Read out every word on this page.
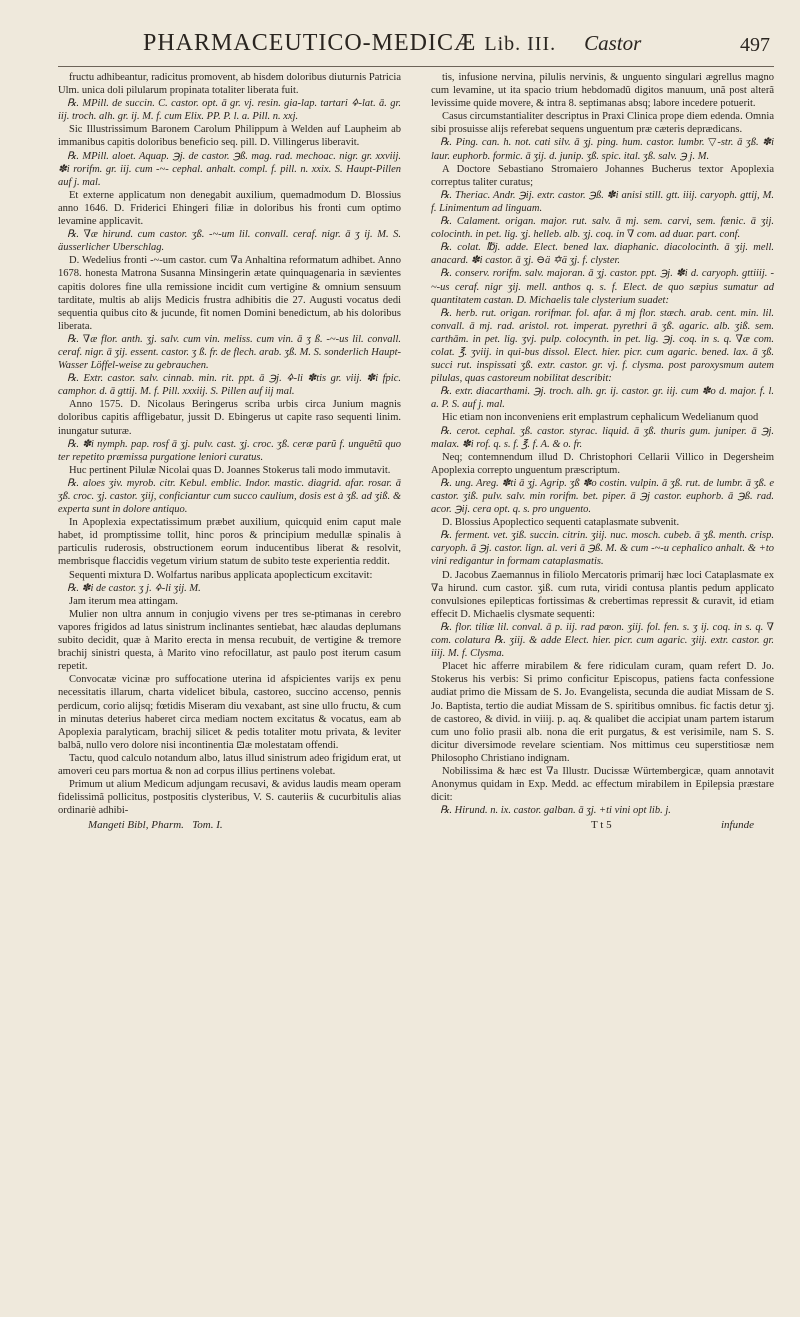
PHARMACEUTICO-MEDICÆ Lib. III. Castor	497

fructu adhibeantur, radicitus promovent, ab hisdem doloribus diuturnis Patricia Ulm. unica doli pilularum propinata totaliter liberata fuit.

℞. MPill. de succin. C. castor. opt. ā gr. vj. resin. gia-lap. tartari 🜍-lat. ā. gr. iij. troch. alh. gr. ij. M. f. cum Elix. PP. P. l. a. Pill. n. xxj.

Sic Illustrissimum Baronem Carolum Philippum à Welden auf Laupheim ab immanibus capitis doloribus beneficio seq. pill. D. Villingerus liberavit.

℞. MPill. aloet. Aquap. ℈j. de castor. ℈ß. mag. rad. mechoac. nigr. gr. xxviij. ✽i rorifm. gr. iij. cum -~- cephal. anhalt. compl. f. pill. n. xxix. S. Haupt-Pillen auf j. mal.

Et externe applicatum non denegabit auxilium, quemadmodum D. Blossius anno 1646. D. Friderici Ehingeri filiæ in doloribus his fronti cum optimo levamine applicavit.

℞. ∇æ hirund. cum castor. ʒß. -~-um lil. convall. ceraf. nigr. ā ʒ ij. M. S. äusserlicher Uberschlag.

D. Wedelius fronti -~-um castor. cum ∇a Anhaltina reformatum adhibet. Anno 1678. honesta Matrona Susanna Minsingerin ætate quinquagenaria in sævientes capitis dolores fine ulla remissione incidit cum vertigine & omnium sensuum tarditate, multis ab alijs Medicis frustra adhibitis die 27. Augusti vocatus dedi sequentia quibus cito & jucunde, fit nomen Domini benedictum, ab his doloribus liberata.

℞. ∇æ flor. anth. ʒj. salv. cum vin. meliss. cum vin. ā ʒ ß. -~-us lil. convall. ceraf. nigr. ā ʒij. essent. castor. ʒ ß. fr. de flech. arab. ʒß. M. S. sonderlich Haupt-Wasser Löffel-weise zu gebrauchen.

℞. Extr. castor. salv. cinnab. min. rit. ppt. ā ℈j. 🜍-li ✽tis gr. viij. ✽i fpic. camphor. d. ā gttij. M. f. Pill. xxxiij. S. Pillen auf iij mal.

Anno 1575. D. Nicolaus Beringerus scriba urbis circa Junium magnis doloribus capitis affligebatur, jussit D. Ebingerus ut capite raso sequenti linim. inungatur suturæ.

℞. ✽i nymph. pap. rosf ā ʒj. pulv. cast. ʒj. croc. ʒß. ceræ parũ f. unguẽtũ quo ter repetito præmissa purgatione leniori curatus.

Huc pertinent Pilulæ Nicolai quas D. Joannes Stokerus tali modo immutavit.

℞. aloes ʒiv. myrob. citr. Kebul. emblic. Indor. mastic. diagrid. afar. rosar. ā ʒß. croc. ʒj. castor. ʒiij, conficiantur cum succo caulium, dosis est à ʒß. ad ʒiß. & experta sunt in dolore antiquo.

In Apoplexia expectatissimum præbet auxilium, quicquid enim caput male habet, id promptissime tollit, hinc poros & principium medullæ spinalis à particulis ruderosis, obstructionem eorum inducentibus liberat & resolvit, membrisque flaccidis vegetum virium statum de subito teste experientia reddit.

Sequenti mixtura D. Wolfartus naribus applicata apoplecticum excitavit:

℞. ✽i de castor. ʒ j. 🜍-li ʒij. M.

Jam iterum mea attingam.

Mulier non ultra annum in conjugio vivens per tres se-ptimanas in cerebro vapores frigidos ad latus sinistrum inclinantes sentiebat, hæc alaudas deplumans subito decidit, quæ à Marito erecta in mensa recubuit, de vertigine & tremore brachij sinistri questa, à Marito vino refocillatur, ast paulo post iterum casum repetit.

Convocatæ vicinæ pro suffocatione uterina id afspicientes varijs ex penu necessitatis illarum, charta videlicet bibula, castoreo, succino accenso, pennis perdicum, corio alijsq; fœtidis Miseram diu vexabant, ast sine ullo fructu, & cum in minutas deterius haberet circa mediam noctem excitatus & vocatus, eam ab Apoplexia paralyticam, brachij silicet & pedis totaliter motu privata, & leviter balbã, nullo vero dolore nisi incontinentia ⊡æ molestatam offendi.

Tactu, quod calculo notandum albo, latus illud sinistrum adeo frigidum erat, ut amoveri ceu pars mortua & non ad corpus illius pertinens volebat.

Primum ut alium Medicum adjungam recusavi, & avidus laudis meam operam fidelissimã pollicitus, postpositis clysteribus, V. S. cauteriis & cucurbitulis alias ordinariè adhibi-

tis, infusione nervina, pilulis nervinis, & unguento singulari ægrellus magno cum levamine, ut ita spacio trium hebdomadũ digitos manuum, unã post alterã levissime quide movere, & intra 8. septimanas absq; labore incedere potuerit.

Casus circumstantialiter descriptus in Praxi Clinica prope diem edenda. Omnia sibi prosuisse alijs referebat sequens unguentum præ cæteris deprædicans.

℞. Ping. can. h. not. cati silv. ā ʒj. ping. hum. castor. lumbr. ▽-str. ā ʒß. ✽i laur. euphorb. formic. ā ʒij. d. junip. ʒß. spic. ital. ʒß. salv. ℈ j. M.

A Doctore Sebastiano Stromaiero Johannes Bucherus textor Apoplexia correptus taliter curatus;

℞. Theriac. Andr. ℈ij. extr. castor. ℈ß. ✽i anisi still. gtt. iiij. caryoph. gttij, M. f. Linimentum ad linguam.

℞. Calament. origan. major. rut. salv. ā mj. sem. carvi, sem. fænic. ā ʒij. colocinth. in pet. lig. ʒj. helleb. alb. ʒj. coq. in ∇ com. ad duar. part. conf.

℞. colat. ℔j. adde. Elect. bened lax. diaphanic. diacolocinth. ā ʒij. mell. anacard. ✽i castor. ā ʒj. ⊖ä ✡ä ʒj. f. clyster.

℞. conserv. rorifm. salv. majoran. ā ʒj. castor. ppt. ℈j. ✽i d. caryoph. gttiiij. -~-us ceraf. nigr ʒij. mell. anthos q. s. f. Elect. de quo sæpius sumatur ad quantitatem castan. D. Michaelis tale clysterium suadet:

℞. herb. rut. origan. rorifmar. fol. afar. ā mj flor. stæch. arab. cent. min. lil. convall. ā mj. rad. aristol. rot. imperat. pyrethri ā ʒß. agaric. alb. ʒiß. sem. carthām. in pet. lig. ʒvj. pulp. colocynth. in pet. lig. ℈j. coq. in s. q. ∇æ com. colat. ℥. ʒviij. in qui-bus dissol. Elect. hier. picr. cum agaric. bened. lax. ā ʒß. succi rut. inspissati ʒß. extr. castor. gr. vj. f. clysma. post paroxysmum autem pilulas, quas castoreum nobilitat describit:

℞. extr. diacarthami. ℈j. troch. alh. gr. ij. castor. gr. iij. cum ✽o d. major. f. l. a. P. S. auf j. mal.

Hic etiam non inconveniens erit emplastrum cephalicum Wedelianum quod

℞. cerot. cephal. ʒß. castor. styrac. liquid. ā ʒß. thuris gum. juniper. ā ℈j. malax. ✽i rof. q. s. f. ℥. f. A. & o. fr.

Neq; contemnendum illud D. Christophori Cellarii Villico in Degersheim Apoplexia correpto unguentum præscriptum.

℞. ung. Areg. ✽ti ā ʒj. Agrip. ʒß ✽o costin. vulpin. ā ʒß. rut. de lumbr. ā ʒß. e castor. ʒiß. pulv. salv. min rorifm. bet. piper. ā ℈j castor. euphorb. ā ℈ß. rad. acor. ℈ij. cera opt. q. s. pro unguento.

D. Blossius Apoplectico sequenti cataplasmate subvenit.

℞. ferment. vet. ʒiß. succin. citrin. ʒiij. nuc. mosch. cubeb. ā ʒß. menth. crisp. caryoph. ā ℈j. castor. lign. al. veri ā ℈ß. M. & cum -~-u cephalico anhalt. & +to vini redigantur in formam cataplasmatis.

D. Jacobus Zaemannus in filiolo Mercatoris primarij hæc loci Cataplasmate ex ∇a hirund. cum castor. ʒiß. cum ruta, viridi contusa plantis pedum applicato convulsiones epilepticas fortissimas & crebertimas repressit & curavit, id etiam effecit D. Michaelis clysmate sequenti:

℞. flor. tiliæ lil. conval. ā p. iij. rad pœon. ʒiij. fol. fen. s. ʒ ij. coq. in s. q. ∇ com. colatura ℞. ʒiij. & adde Elect. hier. picr. cum agaric. ʒiij. extr. castor. gr. iiij. M. f. Clysma.

Placet hic afferre mirabilem & fere ridiculam curam, quam refert D. Jo. Stokerus his verbis: Si primo conficitur Episcopus, patiens facta confessione audiat primo die Missam de S. Jo. Evangelista, secunda die audiat Missam de S. Jo. Baptista, tertio die audiat Missam de S. spiritibus omnibus. fic factis detur ʒj. de castoreo, & divid. in viiij. p. aq. & qualibet die accipiat unam partem istarum cum uno folio prasii alb. nona die erit purgatus, & est verisimile, nam S. S. dicitur diversimode revelare scientiam. Nos mittimus ceu superstitiosæ nem Philosopho Christiano indignam.

Nobilissima & hæc est ∇a Illustr. Ducissæ Würtembergicæ, quam annotavit Anonymus quidam in Exp. Medd. ac effectum mirabilem in Epilepsia præstare dicit:

℞. Hirund. n. ix. castor. galban. ā ʒj. +ti vini opt lib. j.

Mangeti Bibl, Pharm. Tom. I.	T t 5	infunde
